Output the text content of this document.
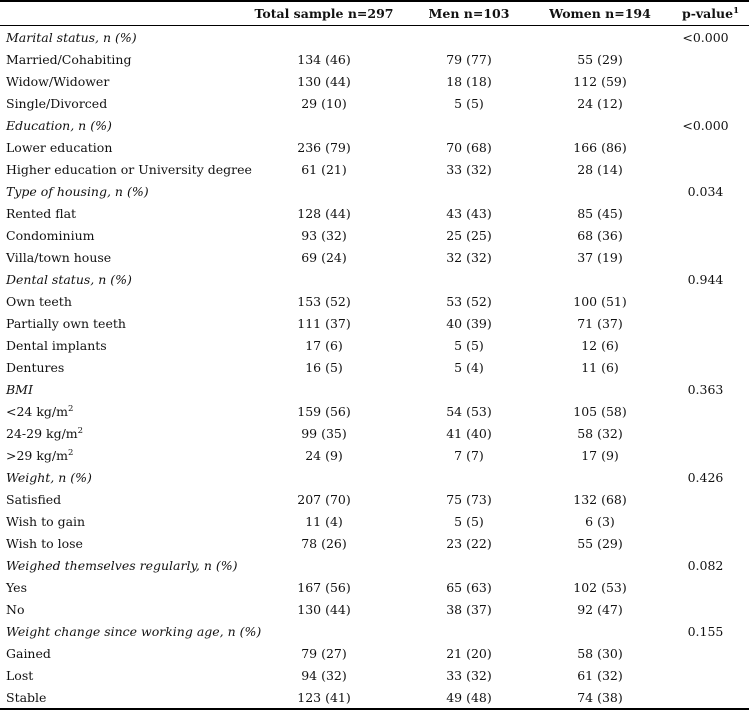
	Total sample n=297	Men n=103	Women n=194	p-value$^1$
Marital status, n (%)				<0.000
Married/Cohabiting	134 (46)	79 (77)	55 (29)	
Widow/Widower	130 (44)	18 (18)	112 (59)	
Single/Divorced	29 (10)	5 (5)	24 (12)	
Education, n (%)				<0.000
Lower education	236 (79)	70 (68)	166 (86)	
Higher education or University degree	61 (21)	33 (32)	28 (14)	
Type of housing, n (%)				0.034
Rented flat	128 (44)	43 (43)	85 (45)	
Condominium	93 (32)	25 (25)	68 (36)	
Villa/town house	69 (24)	32 (32)	37 (19)	
Dental status, n (%)				0.944
Own teeth	153 (52)	53 (52)	100 (51)	
Partially own teeth	111 (37)	40 (39)	71 (37)	
Dental implants	17 (6)	5 (5)	12 (6)	
Dentures	16 (5)	5 (4)	11 (6)	
BMI				0.363
<24 $kg/m^2$	159 (56)	54 (53)	105 (58)	
24-29 $kg/m^2$	99 (35)	41 (40)	58 (32)	
>29 $kg/m^2$	24 (9)	7 (7)	17 (9)	
Weight, n (%)				0.426
Satisfied	207 (70)	75 (73)	132 (68)	
Wish to gain	11 (4)	5 (5)	6 (3)	
Wish to lose	78 (26)	23 (22)	55 (29)	
Weighed themselves regularly, n (%)				0.082
Yes	167 (56)	65 (63)	102 (53)	
No	130 (44)	38 (37)	92 (47)	
Weight change since working age, n (%)				0.155
Gained	79 (27)	21 (20)	58 (30)	
Lost	94 (32)	33 (32)	61 (32)	
Stable	123 (41)	49 (48)	74 (38)	
